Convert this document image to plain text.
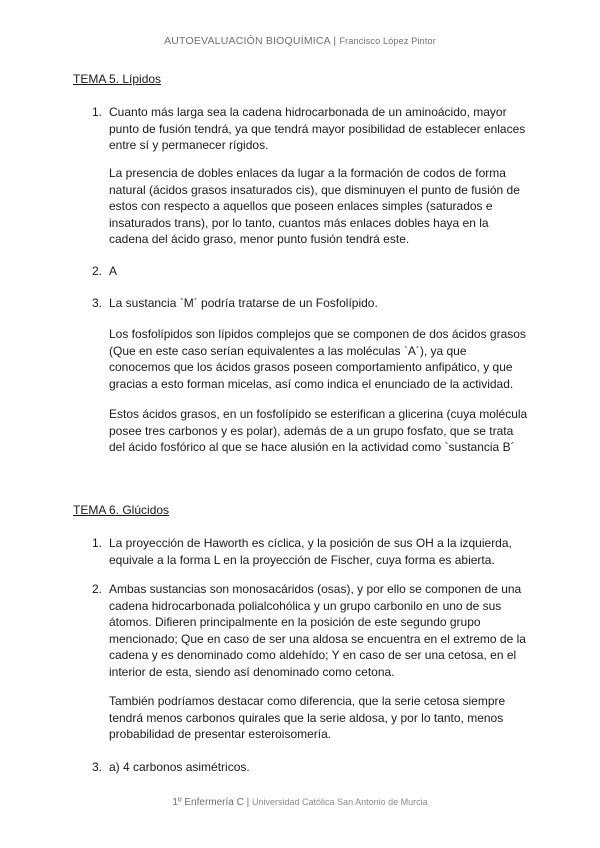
AUTOEVALUACIÓN BIOQUÍMICA | Francisco López Pintor
TEMA 5. Lípidos
1. Cuanto más larga sea la cadena hidrocarbonada de un aminoácido, mayor punto de fusión tendrá, ya que tendrá mayor posibilidad de establecer enlaces entre sí y permanecer rígidos.

La presencia de dobles enlaces da lugar a la formación de codos de forma natural (ácidos grasos insaturados cis), que disminuyen el punto de fusión de estos con respecto a aquellos que poseen enlaces simples (saturados e insaturados trans), por lo tanto, cuantos más enlaces dobles haya en la cadena del ácido graso, menor punto fusión tendrá este.

2. A

3. La sustancia `M´ podría tratarse de un Fosfolípido.

Los fosfolípidos son lípidos complejos que se componen de dos ácidos grasos (Que en este caso serían equivalentes a las moléculas `A´), ya que conocemos que los ácidos grasos poseen comportamiento anfipático, y que gracias a esto forman micelas, así como indica el enunciado de la actividad.

Estos ácidos grasos, en un fosfolípido se esterifican a glicerina (cuya molécula posee tres carbonos y es polar), además de a un grupo fosfato, que se trata del ácido fosfórico al que se hace alusión en la actividad como `sustancia B´

TEMA 6. Glúcidos
1. La proyección de Haworth es cíclica, y la posición de sus OH a la izquierda, equivale a la forma L en la proyección de Fischer, cuya forma es abierta.

2. Ambas sustancias son monosacáridos (osas), y por ello se componen de una cadena hidrocarbonada polialcohólica y un grupo carbonilo en uno de sus átomos. Difieren principalmente en la posición de este segundo grupo mencionado; Que en caso de ser una aldosa se encuentra en el extremo de la cadena y es denominado como aldehído; Y en caso de ser una cetosa, en el interior de esta, siendo así denominado como cetona.

También podríamos destacar como diferencia, que la serie cetosa siempre tendrá menos carbonos quirales que la serie aldosa, y por lo tanto, menos probabilidad de presentar esteroisomería.

3. a) 4 carbonos asimétricos.

1º Enfermería C | Universidad Católica San Antonio de Murcia
